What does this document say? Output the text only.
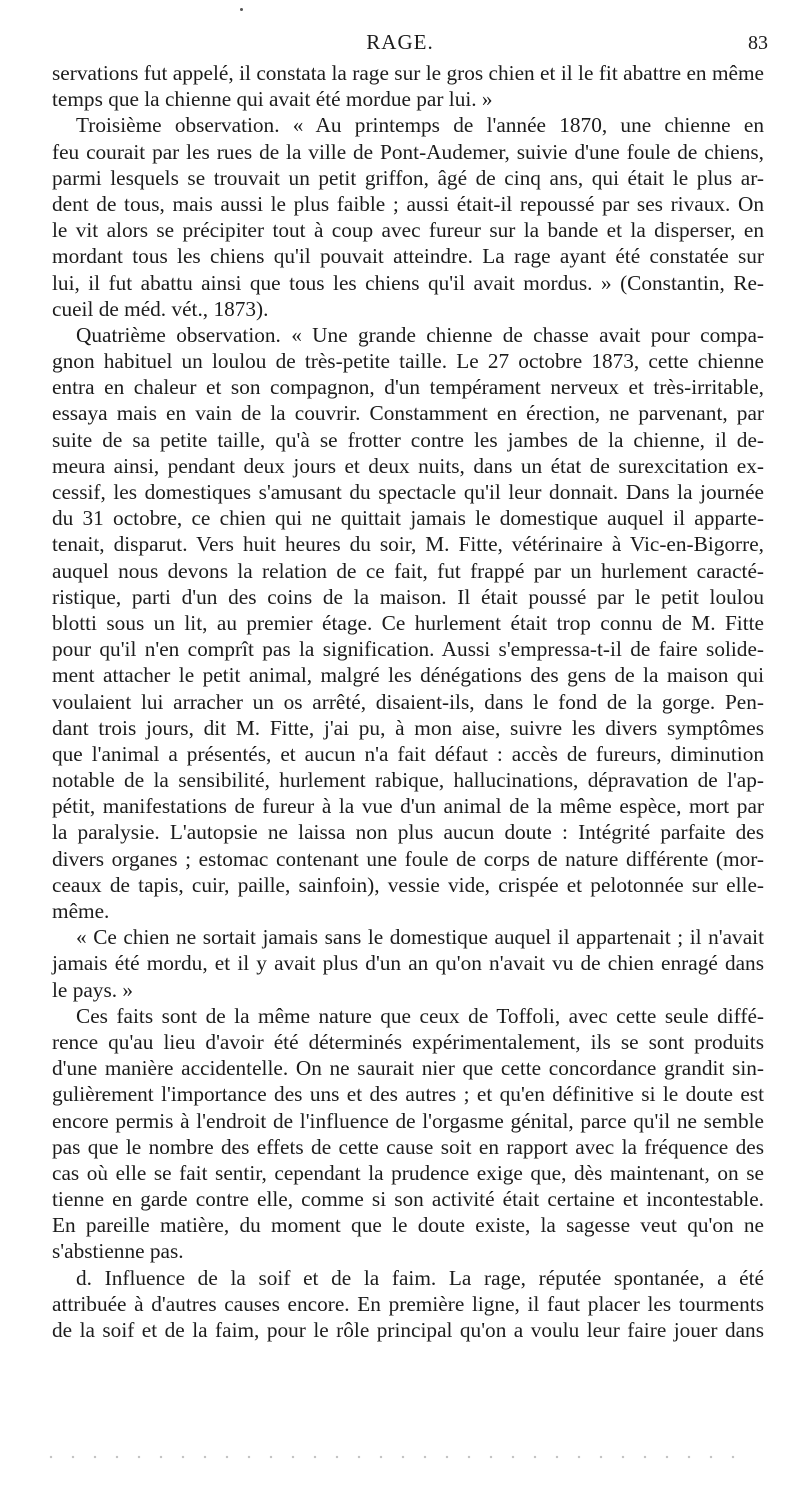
RAGE.	83
servations fut appelé, il constata la rage sur le gros chien et il le fit abattre en même
temps que la chienne qui avait été mordue par lui. »
Troisième observation. « Au printemps de l'année 1870, une chienne en
feu courait par les rues de la ville de Pont-Audemer, suivie d'une foule de chiens,
parmi lesquels se trouvait un petit griffon, âgé de cinq ans, qui était le plus ar-
dent de tous, mais aussi le plus faible ; aussi était-il repoussé par ses rivaux. On
le vit alors se précipiter tout à coup avec fureur sur la bande et la disperser, en
mordant tous les chiens qu'il pouvait atteindre. La rage ayant été constatée sur
lui, il fut abattu ainsi que tous les chiens qu'il avait mordus. » (Constantin, Re-
cueil de méd. vét., 1873).
Quatrième observation. « Une grande chienne de chasse avait pour compa-
gnon habituel un loulou de très-petite taille. Le 27 octobre 1873, cette chienne
entra en chaleur et son compagnon, d'un tempérament nerveux et très-irritable,
essaya mais en vain de la couvrir. Constamment en érection, ne parvenant, par
suite de sa petite taille, qu'à se frotter contre les jambes de la chienne, il de-
meura ainsi, pendant deux jours et deux nuits, dans un état de surexcitation ex-
cessif, les domestiques s'amusant du spectacle qu'il leur donnait. Dans la journée
du 31 octobre, ce chien qui ne quittait jamais le domestique auquel il apparte-
tenait, disparut. Vers huit heures du soir, M. Fitte, vétérinaire à Vic-en-Bigorre,
auquel nous devons la relation de ce fait, fut frappé par un hurlement caracté-
ristique, parti d'un des coins de la maison. Il était poussé par le petit loulou
blotti sous un lit, au premier étage. Ce hurlement était trop connu de M. Fitte
pour qu'il n'en comprît pas la signification. Aussi s'empressa-t-il de faire solide-
ment attacher le petit animal, malgré les dénégations des gens de la maison qui
voulaient lui arracher un os arrêté, disaient-ils, dans le fond de la gorge. Pen-
dant trois jours, dit M. Fitte, j'ai pu, à mon aise, suivre les divers symptômes
que l'animal a présentés, et aucun n'a fait défaut : accès de fureurs, diminution
notable de la sensibilité, hurlement rabique, hallucinations, dépravation de l'ap-
pétit, manifestations de fureur à la vue d'un animal de la même espèce, mort par
la paralysie. L'autopsie ne laissa non plus aucun doute : Intégrité parfaite des
divers organes ; estomac contenant une foule de corps de nature différente (mor-
ceaux de tapis, cuir, paille, sainfoin), vessie vide, crispée et pelotonnée sur elle-
même.
« Ce chien ne sortait jamais sans le domestique auquel il appartenait ; il n'avait
jamais été mordu, et il y avait plus d'un an qu'on n'avait vu de chien enragé dans
le pays. »
Ces faits sont de la même nature que ceux de Toffoli, avec cette seule diffé-
rence qu'au lieu d'avoir été déterminés expérimentalement, ils se sont produits
d'une manière accidentelle. On ne saurait nier que cette concordance grandit sin-
gulièrement l'importance des uns et des autres ; et qu'en définitive si le doute est
encore permis à l'endroit de l'influence de l'orgasme génital, parce qu'il ne semble
pas que le nombre des effets de cette cause soit en rapport avec la fréquence des
cas où elle se fait sentir, cependant la prudence exige que, dès maintenant, on se
tienne en garde contre elle, comme si son activité était certaine et incontestable.
En pareille matière, du moment que le doute existe, la sagesse veut qu'on ne
s'abstienne pas.
d. Influence de la soif et de la faim. La rage, réputée spontanée, a été
attribuée à d'autres causes encore. En première ligne, il faut placer les tourments
de la soif et de la faim, pour le rôle principal qu'on a voulu leur faire jouer dans
